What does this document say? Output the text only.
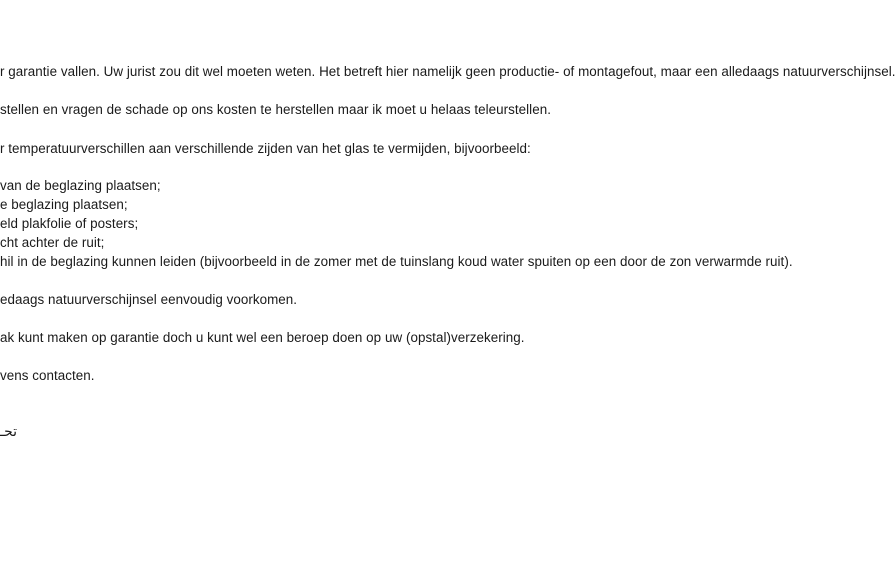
r garantie vallen. Uw jurist zou dit wel moeten weten. Het betreft hier namelijk geen productie- of montagefout, maar een alledaags natuurverschijnsel.
stellen en vragen de schade op ons kosten te herstellen maar ik moet u helaas teleurstellen.
r temperatuurverschillen aan verschillende zijden van het glas te vermijden, bijvoorbeeld:
van de beglazing plaatsen;
e beglazing plaatsen;
eld plakfolie of posters;
cht achter de ruit;
hil in de beglazing kunnen leiden (bijvoorbeeld in de zomer met de tuinslang koud water spuiten op een door de zon verwarmde ruit).
edaags natuurverschijnsel eenvoudig voorkomen.
ak kunt maken op garantie doch u kunt wel een beroep doen op uw (opstal)verzekering.
vens contacten.
تحـ
